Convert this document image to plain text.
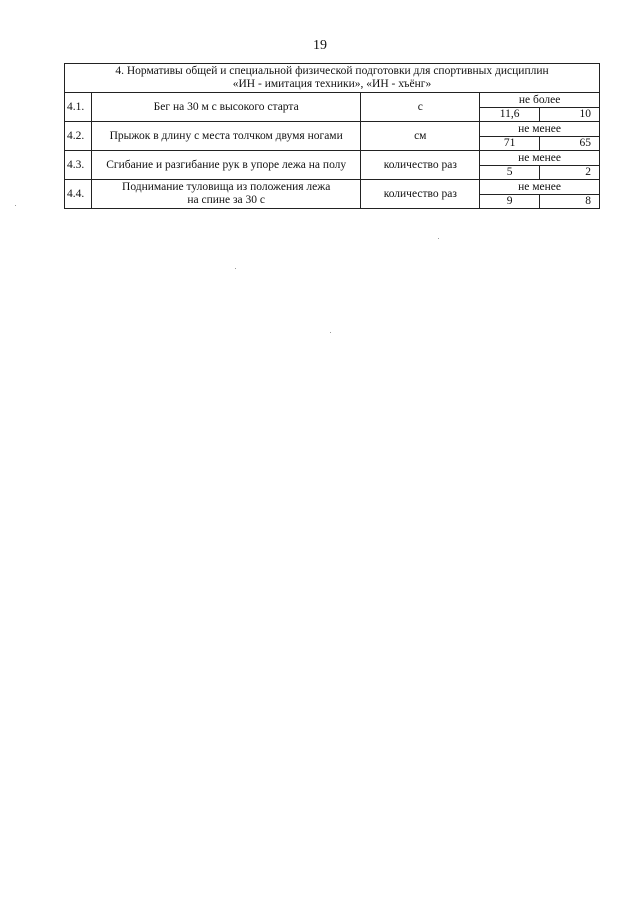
19
4. Нормативы общей и специальной физической подготовки для спортивных дисциплин
«ИН - имитация техники», «ИН - хъёнг»				

4.1.	Бег на 30 м с высокого старта	с	не более	
			11,6	10
4.2.	Прыжок в длину с места толчком двумя ногами	см	не менее	
			71	65
4.3.	Сгибание и разгибание рук в упоре лежа на полу	количество раз	не менее	
			5	2
4.4.	Поднимание туловища из положения лежа
на спине за 30 с	количество раз	не менее	
			9	8
